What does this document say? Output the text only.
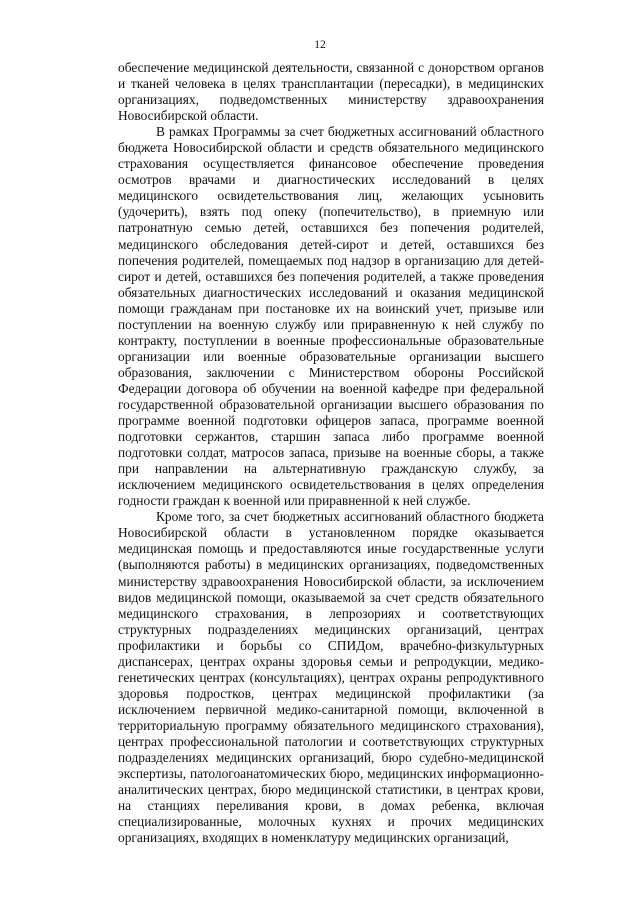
12

обеспечение медицинской деятельности, связанной с донорством органов и тканей человека в целях трансплантации (пересадки), в медицинских организациях, подведомственных министерству здравоохранения Новосибирской области.

В рамках Программы за счет бюджетных ассигнований областного бюджета Новосибирской области и средств обязательного медицинского страхования осуществляется финансовое обеспечение проведения осмотров врачами и диагностических исследований в целях медицинского освидетельствования лиц, желающих усыновить (удочерить), взять под опеку (попечительство), в приемную или патронатную семью детей, оставшихся без попечения родителей, медицинского обследования детей-сирот и детей, оставшихся без попечения родителей, помещаемых под надзор в организацию для детей-сирот и детей, оставшихся без попечения родителей, а также проведения обязательных диагностических исследований и оказания медицинской помощи гражданам при постановке их на воинский учет, призыве или поступлении на военную службу или приравненную к ней службу по контракту, поступлении в военные профессиональные образовательные организации или военные образовательные организации высшего образования, заключении с Министерством обороны Российской Федерации договора об обучении на военной кафедре при федеральной государственной образовательной организации высшего образования по программе военной подготовки офицеров запаса, программе военной подготовки сержантов, старшин запаса либо программе военной подготовки солдат, матросов запаса, призыве на военные сборы, а также при направлении на альтернативную гражданскую службу, за исключением медицинского освидетельствования в целях определения годности граждан к военной или приравненной к ней службе.

Кроме того, за счет бюджетных ассигнований областного бюджета Новосибирской области в установленном порядке оказывается медицинская помощь и предоставляются иные государственные услуги (выполняются работы) в медицинских организациях, подведомственных министерству здравоохранения Новосибирской области, за исключением видов медицинской помощи, оказываемой за счет средств обязательного медицинского страхования, в лепрозориях и соответствующих структурных подразделениях медицинских организаций, центрах профилактики и борьбы со СПИДом, врачебно-физкультурных диспансерах, центрах охраны здоровья семьи и репродукции, медико-генетических центрах (консультациях), центрах охраны репродуктивного здоровья подростков, центрах медицинской профилактики (за исключением первичной медико-санитарной помощи, включенной в территориальную программу обязательного медицинского страхования), центрах профессиональной патологии и соответствующих структурных подразделениях медицинских организаций, бюро судебно-медицинской экспертизы, патологоанатомических бюро, медицинских информационно-аналитических центрах, бюро медицинской статистики, в центрах крови, на станциях переливания крови, в домах ребенка, включая специализированные, молочных кухнях и прочих медицинских организациях, входящих в номенклатуру медицинских организаций,
